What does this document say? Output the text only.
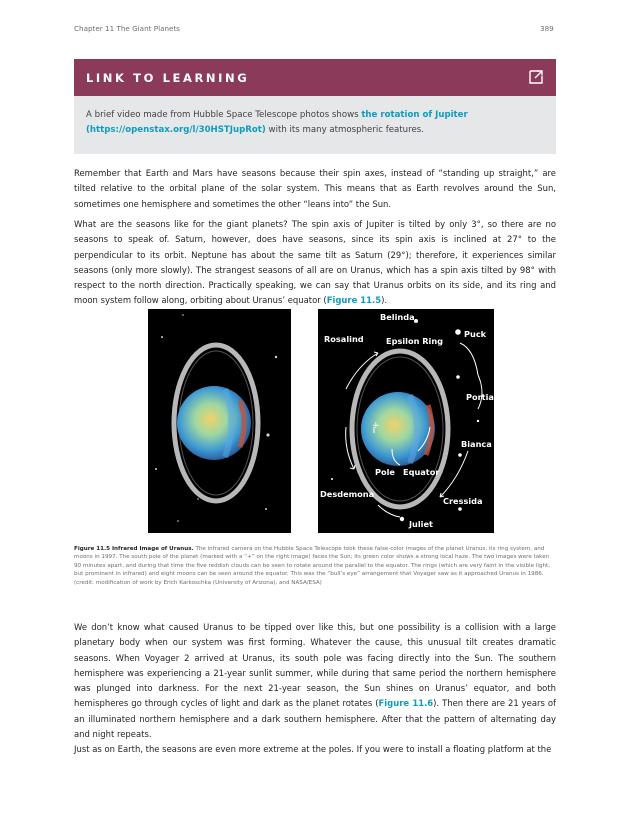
Chapter 11 The Giant Planets	389
LINK TO LEARNING
A brief video made from Hubble Space Telescope photos shows the rotation of Jupiter (https://openstax.org/l/30HSTJupRot) with its many atmospheric features.

Remember that Earth and Mars have seasons because their spin axes, instead of “standing up straight,” are tilted relative to the orbital plane of the solar system. This means that as Earth revolves around the Sun, sometimes one hemisphere and sometimes the other “leans into” the Sun.

What are the seasons like for the giant planets? The spin axis of Jupiter is tilted by only 3°, so there are no seasons to speak of. Saturn, however, does have seasons, since its spin axis is inclined at 27° to the perpendicular to its orbit. Neptune has about the same tilt as Saturn (29°); therefore, it experiences similar seasons (only more slowly). The strangest seasons of all are on Uranus, which has a spin axis tilted by 98° with respect to the north direction. Practically speaking, we can say that Uranus orbits on its side, and its ring and moon system follow along, orbiting about Uranus’ equator (Figure 11.5).

+
Belinda
Rosalind	Epsilon Ring
Puck
Portia
Bianca
Pole Equator
Desdemona
Cressida
Juliet

Figure 11.5 Infrared Image of Uranus. The infrared camera on the Hubble Space Telescope took these false-color images of the planet Uranus, its ring system, and moons in 1997. The south pole of the planet (marked with a “+” on the right image) faces the Sun; its green color shows a strong local haze. The two images were taken 90 minutes apart, and during that time the five reddish clouds can be seen to rotate around the parallel to the equator. The rings (which are very faint in the visible light, but prominent in infrared) and eight moons can be seen around the equator. This was the “bull’s eye” arrangement that Voyager saw as it approached Uranus in 1986. (credit: modification of work by Erich Karkoschka (University of Arizona), and NASA/ESA)

We don’t know what caused Uranus to be tipped over like this, but one possibility is a collision with a large planetary body when our system was first forming. Whatever the cause, this unusual tilt creates dramatic seasons. When Voyager 2 arrived at Uranus, its south pole was facing directly into the Sun. The southern hemisphere was experiencing a 21-year sunlit summer, while during that same period the northern hemisphere was plunged into darkness. For the next 21-year season, the Sun shines on Uranus’ equator, and both hemispheres go through cycles of light and dark as the planet rotates (Figure 11.6). Then there are 21 years of an illuminated northern hemisphere and a dark southern hemisphere. After that the pattern of alternating day and night repeats.

Just as on Earth, the seasons are even more extreme at the poles. If you were to install a floating platform at the
